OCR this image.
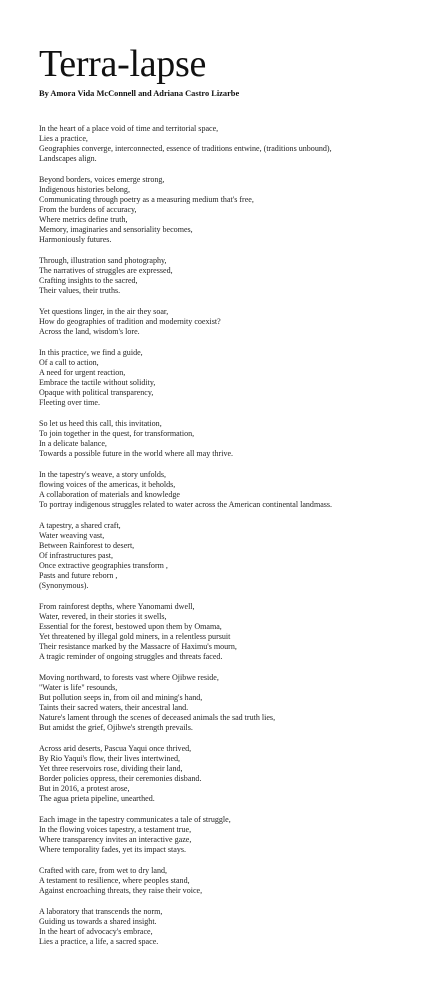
Terra-lapse
By Amora Vida McConnell and Adriana Castro Lizarbe
In the heart of a place void of time and territorial space,
Lies a practice,
Geographies converge, interconnected, essence of traditions entwine, (traditions unbound),
Landscapes align.
Beyond borders, voices emerge strong,
Indigenous histories belong,
Communicating through poetry as a measuring medium that's free,
From the burdens of accuracy,
Where metrics define truth,
Memory, imaginaries and sensoriality becomes,
Harmoniously futures.
Through, illustration sand photography,
The narratives of struggles are expressed,
Crafting insights to the sacred,
Their values, their truths.
Yet questions linger, in the air they soar,
How do geographies of tradition and modernity coexist?
Across the land, wisdom's lore.
In this practice, we find a guide,
Of a call to action,
A need for urgent reaction,
Embrace the tactile without solidity,
Opaque with political transparency,
Fleeting over time.
So let us heed this call, this invitation,
To join together in the quest, for transformation,
In a delicate balance,
Towards a possible future in the world where all may thrive.
In the tapestry's weave, a story unfolds,
flowing voices of the americas, it beholds,
A collaboration of materials and knowledge
To portray indigenous struggles related to water across the American continental landmass.
A tapestry, a shared craft,
Water weaving vast,
Between Rainforest to desert,
Of infrastructures past,
Once extractive geographies transform ,
Pasts and future reborn ,
(Synonymous).
From rainforest depths, where Yanomami dwell,
Water, revered, in their stories it swells,
Essential for the forest, bestowed upon them by Omama,
Yet threatened by illegal gold miners, in a relentless pursuit
Their resistance marked by the Massacre of Haximu's mourn,
A tragic reminder of ongoing struggles and threats faced.
Moving northward, to forests vast where Ojibwe reside,
"Water is life" resounds,
But pollution seeps in, from oil and mining's hand,
Taints their sacred waters, their ancestral land.
Nature's lament through the scenes of deceased animals the sad truth lies,
But amidst the grief, Ojibwe's strength prevails.
Across arid deserts, Pascua Yaqui once thrived,
By Rio Yaqui's flow, their lives intertwined,
Yet three reservoirs rose, dividing their land,
Border policies oppress, their ceremonies disband.
But in 2016, a protest arose,
The agua prieta pipeline, unearthed.
Each image in the tapestry communicates a tale of struggle,
In the flowing voices tapestry, a testament true,
Where transparency invites an interactive gaze,
Where temporality fades, yet its impact stays.
Crafted with care, from wet to dry land,
A testament to resilience, where peoples stand,
Against encroaching threats, they raise their voice,
A laboratory that transcends the norm,
Guiding us towards a shared insight.
In the heart of advocacy's embrace,
Lies a practice, a life, a sacred space.
